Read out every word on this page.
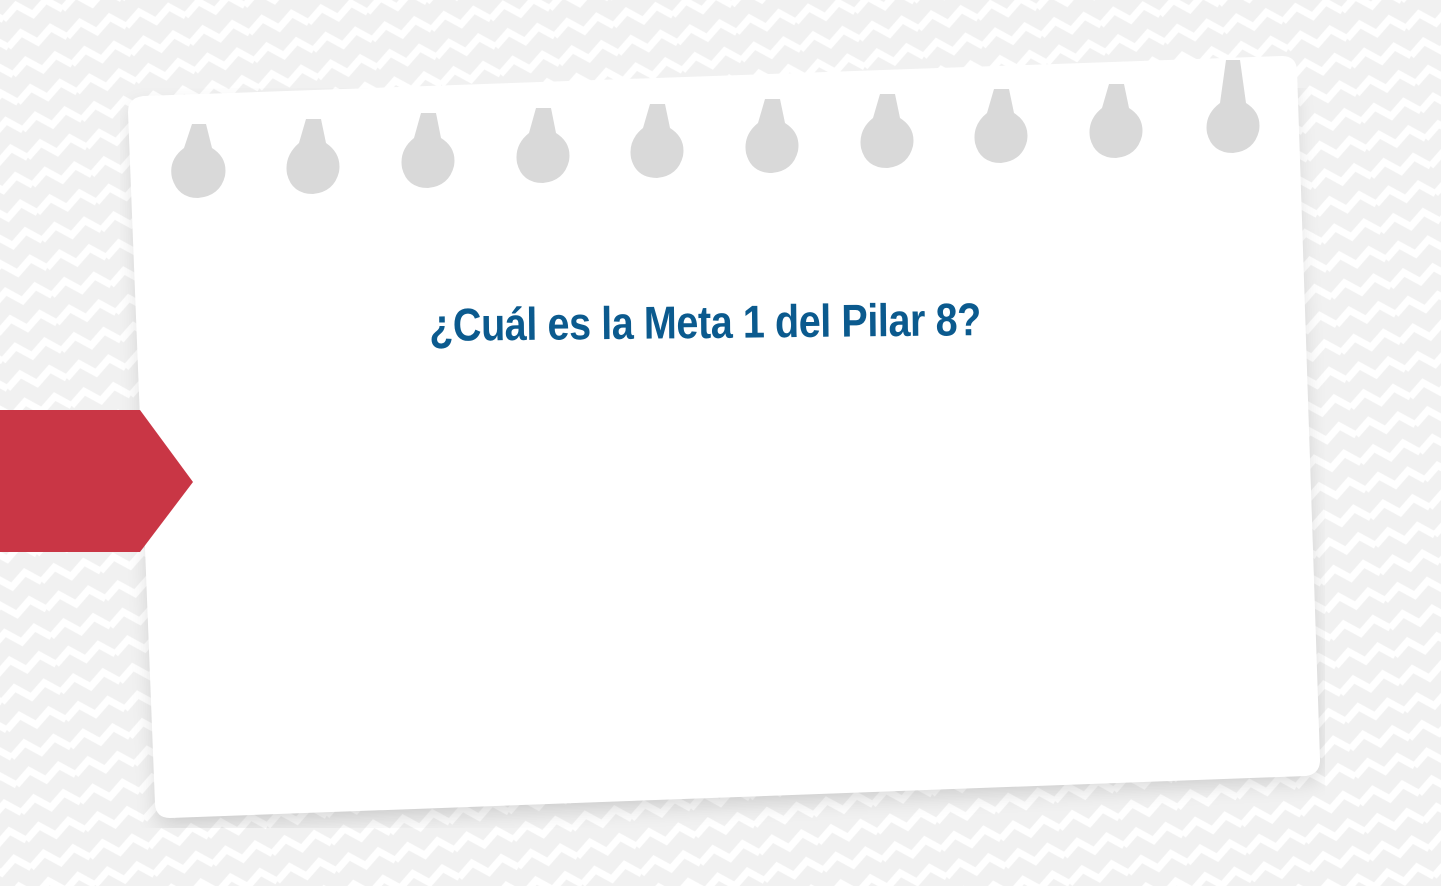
¿Cuál es la Meta 1 del Pilar 8?
